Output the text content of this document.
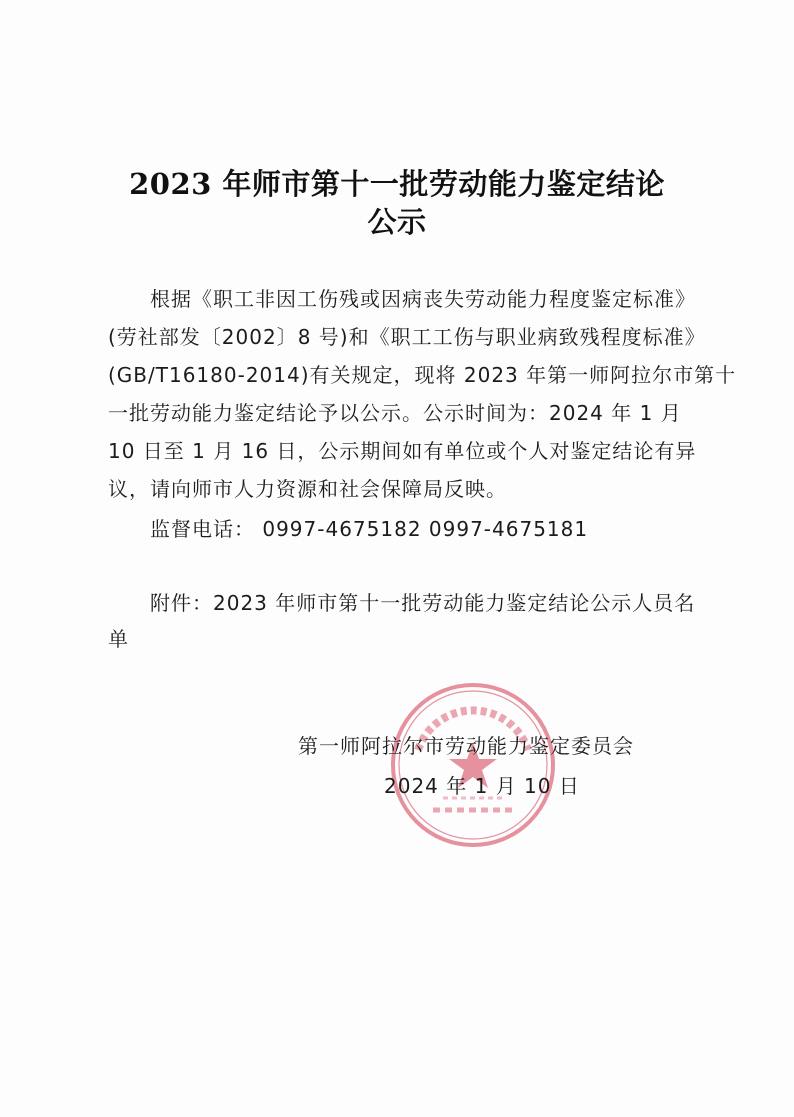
2023 年师市第十一批劳动能力鉴定结论
公示
根据《职工非因工伤残或因病丧失劳动能力程度鉴定标准》
(劳社部发〔2002〕8 号)和《职工工伤与职业病致残程度标准》
(GB/T16180-2014)有关规定，现将 2023 年第一师阿拉尔市第十
一批劳动能力鉴定结论予以公示。公示时间为：2024 年 1 月
10 日至 1 月 16 日，公示期间如有单位或个人对鉴定结论有异
议，请向师市人力资源和社会保障局反映。
监督电话： 0997-4675182 0997-4675181
附件：2023 年师市第十一批劳动能力鉴定结论公示人员名
单
第一师阿拉尔市劳动能力鉴定委员会
2024 年 1 月 10 日
